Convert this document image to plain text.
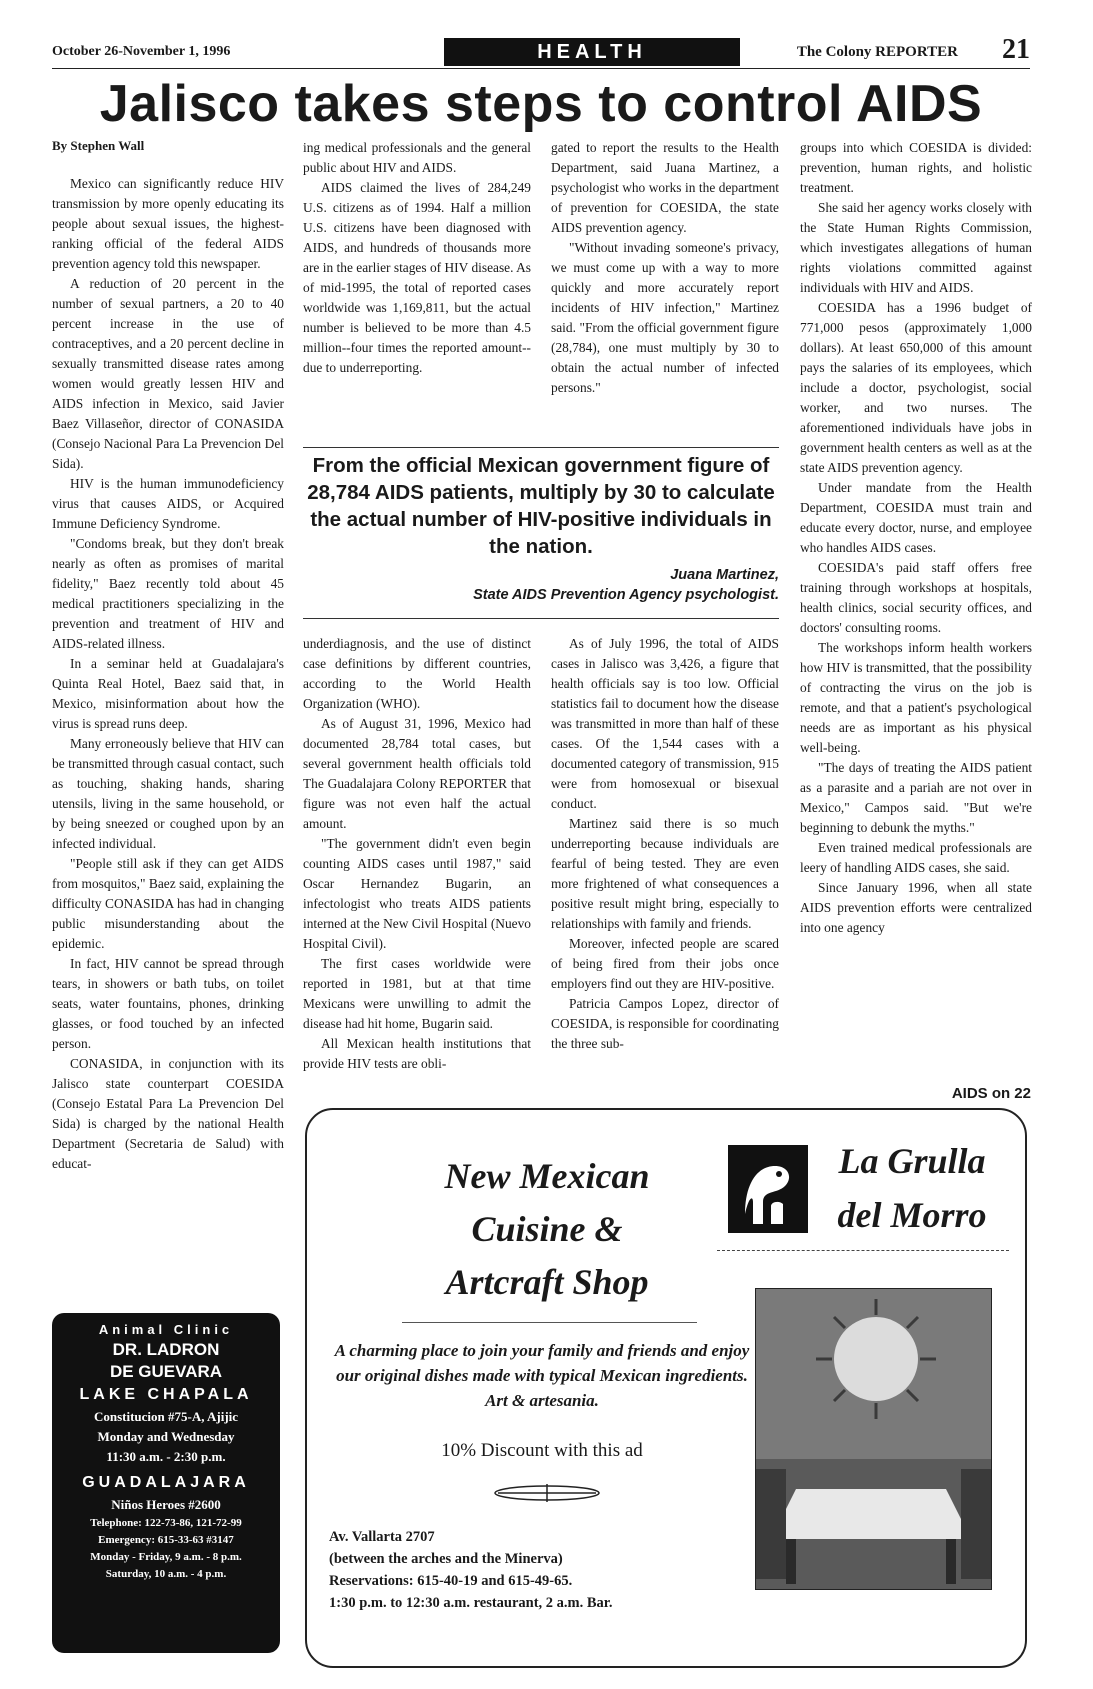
October 26-November 1, 1996	HEALTH	The Colony REPORTER 21
Jalisco takes steps to control AIDS

By Stephen Wall

Mexico can significantly reduce HIV transmission by more openly educating its people about sexual issues, the highest-ranking official of the federal AIDS prevention agency told this newspaper.

A reduction of 20 percent in the number of sexual partners, a 20 to 40 percent increase in the use of contraceptives, and a 20 percent decline in sexually transmitted disease rates among women would greatly lessen HIV and AIDS infection in Mexico, said Javier Baez Villaseñor, director of CONASIDA (Consejo Nacional Para La Prevencion Del Sida).

HIV is the human immunodeficiency virus that causes AIDS, or Acquired Immune Deficiency Syndrome.

"Condoms break, but they don't break nearly as often as promises of marital fidelity," Baez recently told about 45 medical practitioners specializing in the prevention and treatment of HIV and AIDS-related illness.

In a seminar held at Guadalajara's Quinta Real Hotel, Baez said that, in Mexico, misinformation about how the virus is spread runs deep.

Many erroneously believe that HIV can be transmitted through casual contact, such as touching, shaking hands, sharing utensils, living in the same household, or by being sneezed or coughed upon by an infected individual.

"People still ask if they can get AIDS from mosquitos," Baez said, explaining the difficulty CONASIDA has had in changing public misunderstanding about the epidemic.

In fact, HIV cannot be spread through tears, in showers or bath tubs, on toilet seats, water fountains, phones, drinking glasses, or food touched by an infected person.

CONASIDA, in conjunction with its Jalisco state counterpart COESIDA (Consejo Estatal Para La Prevencion Del Sida) is charged by the national Health Department (Secretaria de Salud) with educat-

ing medical professionals and the general public about HIV and AIDS.

AIDS claimed the lives of 284,249 U.S. citizens as of 1994. Half a million U.S. citizens have been diagnosed with AIDS, and hundreds of thousands more are in the earlier stages of HIV disease. As of mid-1995, the total of reported cases worldwide was 1,169,811, but the actual number is believed to be more than 4.5 million--four times the reported amount--due to underreporting.

gated to report the results to the Health Department, said Juana Martinez, a psychologist who works in the department of prevention for COESIDA, the state AIDS prevention agency.

"Without invading someone's privacy, we must come up with a way to more quickly and more accurately report incidents of HIV infection," Martinez said. "From the official government figure (28,784), one must multiply by 30 to obtain the actual number of infected persons."

From the official Mexican government figure of 28,784 AIDS patients, multiply by 30 to calculate the actual number of HIV-positive individuals in the nation.
Juana Martinez,
State AIDS Prevention Agency psychologist.

underdiagnosis, and the use of distinct case definitions by different countries, according to the World Health Organization (WHO).

As of August 31, 1996, Mexico had documented 28,784 total cases, but several government health officials told The Guadalajara Colony REPORTER that figure was not even half the actual amount.

"The government didn't even begin counting AIDS cases until 1987," said Oscar Hernandez Bugarin, an infectologist who treats AIDS patients interned at the New Civil Hospital (Nuevo Hospital Civil).

The first cases worldwide were reported in 1981, but at that time Mexicans were unwilling to admit the disease had hit home, Bugarin said.

All Mexican health institutions that provide HIV tests are obli-

As of July 1996, the total of AIDS cases in Jalisco was 3,426, a figure that health officials say is too low. Official statistics fail to document how the disease was transmitted in more than half of these cases. Of the 1,544 cases with a documented category of transmission, 915 were from homosexual or bisexual conduct.

Martinez said there is so much underreporting because individuals are fearful of being tested. They are even more frightened of what consequences a positive result might bring, especially to relationships with family and friends.

Moreover, infected people are scared of being fired from their jobs once employers find out they are HIV-positive.

Patricia Campos Lopez, director of COESIDA, is responsible for coordinating the three sub-

groups into which COESIDA is divided: prevention, human rights, and holistic treatment.

She said her agency works closely with the State Human Rights Commission, which investigates allegations of human rights violations committed against individuals with HIV and AIDS.

COESIDA has a 1996 budget of 771,000 pesos (approximately 1,000 dollars). At least 650,000 of this amount pays the salaries of its employees, which include a doctor, psychologist, social worker, and two nurses. The aforementioned individuals have jobs in government health centers as well as at the state AIDS prevention agency.

Under mandate from the Health Department, COESIDA must train and educate every doctor, nurse, and employee who handles AIDS cases.

COESIDA's paid staff offers free training through workshops at hospitals, health clinics, social security offices, and doctors' consulting rooms.

The workshops inform health workers how HIV is transmitted, that the possibility of contracting the virus on the job is remote, and that a patient's psychological needs are as important as his physical well-being.

"The days of treating the AIDS patient as a parasite and a pariah are not over in Mexico," Campos said. "But we're beginning to debunk the myths."

Even trained medical professionals are leery of handling AIDS cases, she said.

Since January 1996, when all state AIDS prevention efforts were centralized into one agency

AIDS on 22
Animal Clinic
DR. LADRON
DE GUEVARA
LAKE CHAPALA
Constitucion #75-A, Ajijic
Monday and Wednesday
11:30 a.m. - 2:30 p.m.
GUADALAJARA
Niños Heroes #2600
Telephone: 122-73-86, 121-72-99
Emergency: 615-33-63 #3147
Monday - Friday, 9 a.m. - 8 p.m.
Saturday, 10 a.m. - 4 p.m.
New Mexican
Cuisine &
Artcraft Shop
A charming place to join your family and friends and enjoy our original dishes made with typical Mexican ingredients.
Art & artesania.
10% Discount with this ad
Av. Vallarta 2707
(between the arches and the Minerva)
Reservations: 615-40-19 and 615-49-65.
1:30 p.m. to 12:30 a.m. restaurant, 2 a.m. Bar.
La Grulla
del Morro
